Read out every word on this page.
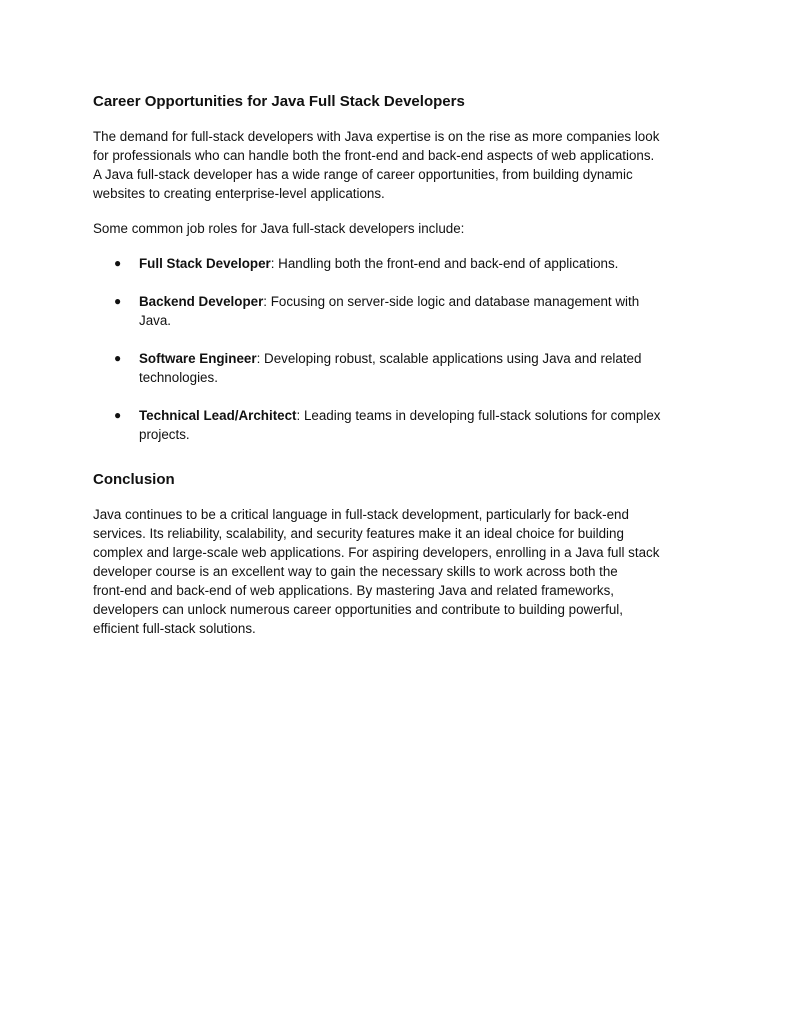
Career Opportunities for Java Full Stack Developers

The demand for full-stack developers with Java expertise is on the rise as more companies look
for professionals who can handle both the front-end and back-end aspects of web applications.
A Java full-stack developer has a wide range of career opportunities, from building dynamic
websites to creating enterprise-level applications.

Some common job roles for Java full-stack developers include:

● Full Stack Developer: Handling both the front-end and back-end of applications.
● Backend Developer: Focusing on server-side logic and database management with
Java.
● Software Engineer: Developing robust, scalable applications using Java and related
technologies.
● Technical Lead/Architect: Leading teams in developing full-stack solutions for complex
projects.
Conclusion

Java continues to be a critical language in full-stack development, particularly for back-end
services. Its reliability, scalability, and security features make it an ideal choice for building
complex and large-scale web applications. For aspiring developers, enrolling in a Java full stack
developer course is an excellent way to gain the necessary skills to work across both the
front-end and back-end of web applications. By mastering Java and related frameworks,
developers can unlock numerous career opportunities and contribute to building powerful,
efficient full-stack solutions.
